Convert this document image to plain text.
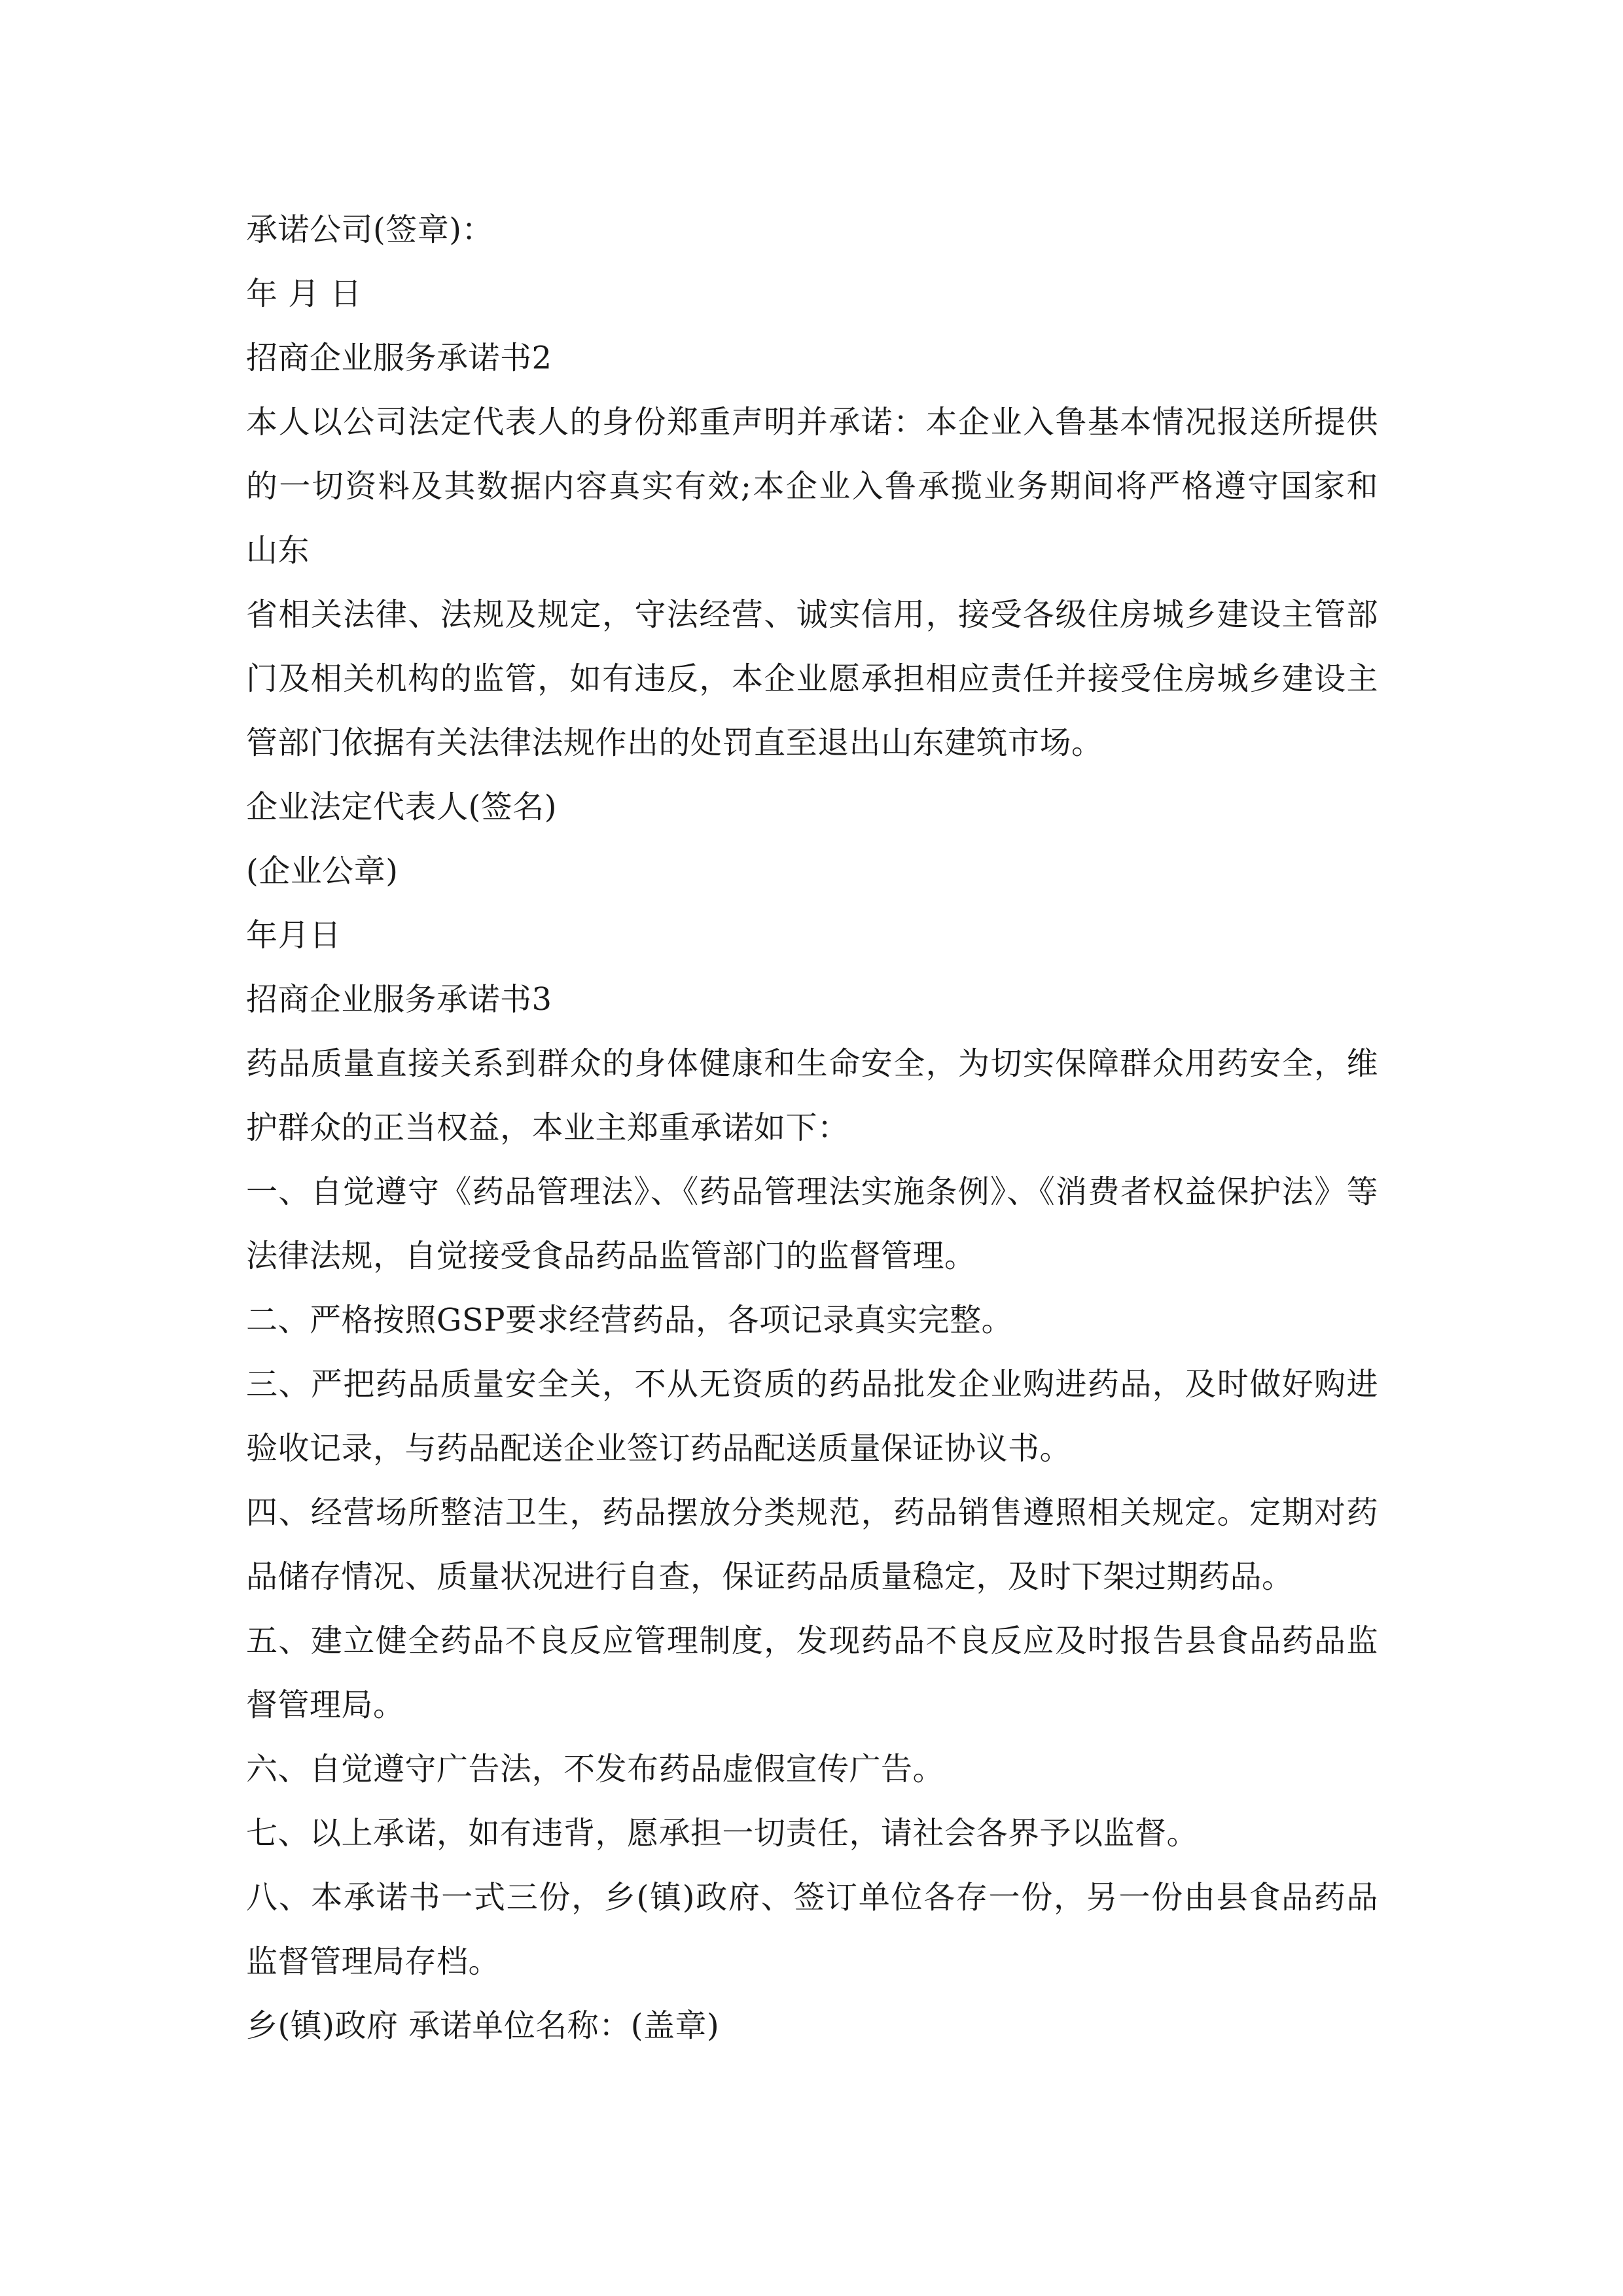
承诺公司(签章)：
年 月 日
招商企业服务承诺书2
本人以公司法定代表人的身份郑重声明并承诺：本企业入鲁基本情况报送所提供
的一切资料及其数据内容真实有效;本企业入鲁承揽业务期间将严格遵守国家和
山东
省相关法律、法规及规定，守法经营、诚实信用，接受各级住房城乡建设主管部
门及相关机构的监管，如有违反，本企业愿承担相应责任并接受住房城乡建设主
管部门依据有关法律法规作出的处罚直至退出山东建筑市场。
企业法定代表人(签名)
(企业公章)
年月日
招商企业服务承诺书3
药品质量直接关系到群众的身体健康和生命安全，为切实保障群众用药安全，维
护群众的正当权益，本业主郑重承诺如下：
一、自觉遵守《药品管理法》、《药品管理法实施条例》、《消费者权益保护法》等
法律法规，自觉接受食品药品监管部门的监督管理。
二、严格按照GSP要求经营药品，各项记录真实完整。
三、严把药品质量安全关，不从无资质的药品批发企业购进药品，及时做好购进
验收记录，与药品配送企业签订药品配送质量保证协议书。
四、经营场所整洁卫生，药品摆放分类规范，药品销售遵照相关规定。定期对药
品储存情况、质量状况进行自查，保证药品质量稳定，及时下架过期药品。
五、建立健全药品不良反应管理制度，发现药品不良反应及时报告县食品药品监
督管理局。
六、自觉遵守广告法，不发布药品虚假宣传广告。
七、以上承诺，如有违背，愿承担一切责任，请社会各界予以监督。
八、本承诺书一式三份，乡(镇)政府、签订单位各存一份，另一份由县食品药品
监督管理局存档。
乡(镇)政府 承诺单位名称：(盖章)
